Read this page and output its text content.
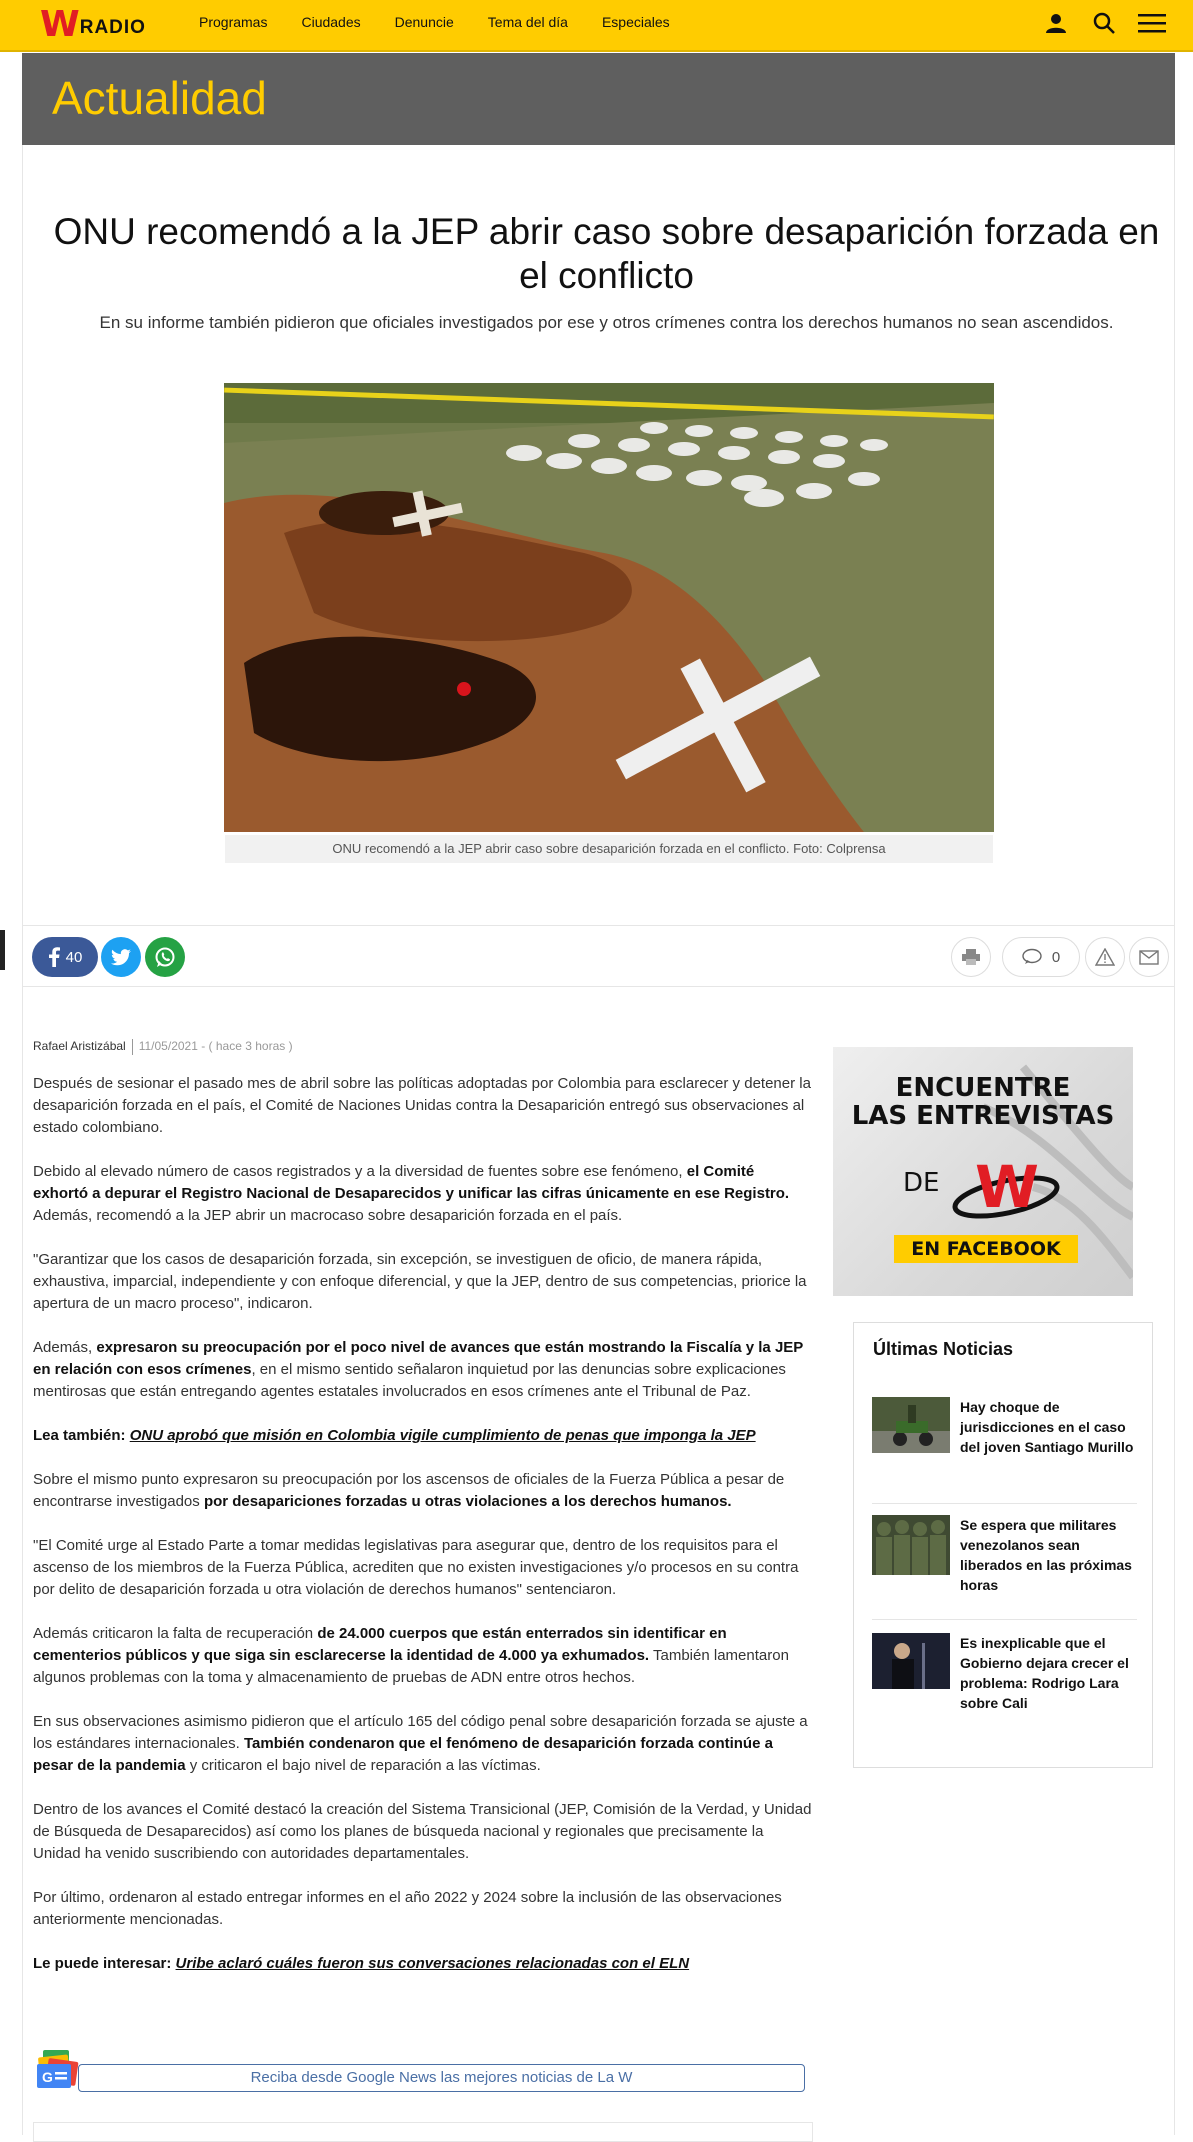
W RADIO	Programas Ciudades Denuncie Tema del día Especiales
Actualidad
ONU recomendó a la JEP abrir caso sobre desaparición forzada en el conflicto
En su informe también pidieron que oficiales investigados por ese y otros crímenes contra los derechos humanos no sean ascendidos.
ONU recomendó a la JEP abrir caso sobre desaparición forzada en el conflicto. Foto: Colprensa
40	0
Rafael Aristizábal 11/05/2021 - ( hace 3 horas )

Después de sesionar el pasado mes de abril sobre las políticas adoptadas por Colombia para esclarecer y detener la desaparición forzada en el país, el Comité de Naciones Unidas contra la Desaparición entregó sus observaciones al estado colombiano.

Debido al elevado número de casos registrados y a la diversidad de fuentes sobre ese fenómeno, el Comité exhortó a depurar el Registro Nacional de Desaparecidos y unificar las cifras únicamente en ese Registro. Además, recomendó a la JEP abrir un macrocaso sobre desaparición forzada en el país.

"Garantizar que los casos de desaparición forzada, sin excepción, se investiguen de oficio, de manera rápida, exhaustiva, imparcial, independiente y con enfoque diferencial, y que la JEP, dentro de sus competencias, priorice la apertura de un macro proceso", indicaron.

Además, expresaron su preocupación por el poco nivel de avances que están mostrando la Fiscalía y la JEP en relación con esos crímenes, en el mismo sentido señalaron inquietud por las denuncias sobre explicaciones mentirosas que están entregando agentes estatales involucrados en esos crímenes ante el Tribunal de Paz.

Lea también: ONU aprobó que misión en Colombia vigile cumplimiento de penas que imponga la JEP

Sobre el mismo punto expresaron su preocupación por los ascensos de oficiales de la Fuerza Pública a pesar de encontrarse investigados por desapariciones forzadas u otras violaciones a los derechos humanos.

"El Comité urge al Estado Parte a tomar medidas legislativas para asegurar que, dentro de los requisitos para el ascenso de los miembros de la Fuerza Pública, acrediten que no existen investigaciones y/o procesos en su contra por delito de desaparición forzada u otra violación de derechos humanos" sentenciaron.

Además criticaron la falta de recuperación de 24.000 cuerpos que están enterrados sin identificar en cementerios públicos y que siga sin esclarecerse la identidad de 4.000 ya exhumados. También lamentaron algunos problemas con la toma y almacenamiento de pruebas de ADN entre otros hechos.

En sus observaciones asimismo pidieron que el artículo 165 del código penal sobre desaparición forzada se ajuste a los estándares internacionales. También condenaron que el fenómeno de desaparición forzada continúe a pesar de la pandemia y criticaron el bajo nivel de reparación a las víctimas.

Dentro de los avances el Comité destacó la creación del Sistema Transicional (JEP, Comisión de la Verdad, y Unidad de Búsqueda de Desaparecidos) así como los planes de búsqueda nacional y regionales que precisamente la Unidad ha venido suscribiendo con autoridades departamentales.

Por último, ordenaron al estado entregar informes en el año 2022 y 2024 sobre la inclusión de las observaciones anteriormente mencionadas.

Le puede interesar: Uribe aclaró cuáles fueron sus conversaciones relacionadas con el ELN

Reciba desde Google News las mejores noticias de La W
G
ENCUENTRE
LAS ENTREVISTAS
DE W
EN FACEBOOK
Últimas Noticias
Hay choque de jurisdicciones en el caso del joven Santiago Murillo
Se espera que militares venezolanos sean liberados en las próximas horas
Es inexplicable que el Gobierno dejara crecer el problema: Rodrigo Lara sobre Cali
